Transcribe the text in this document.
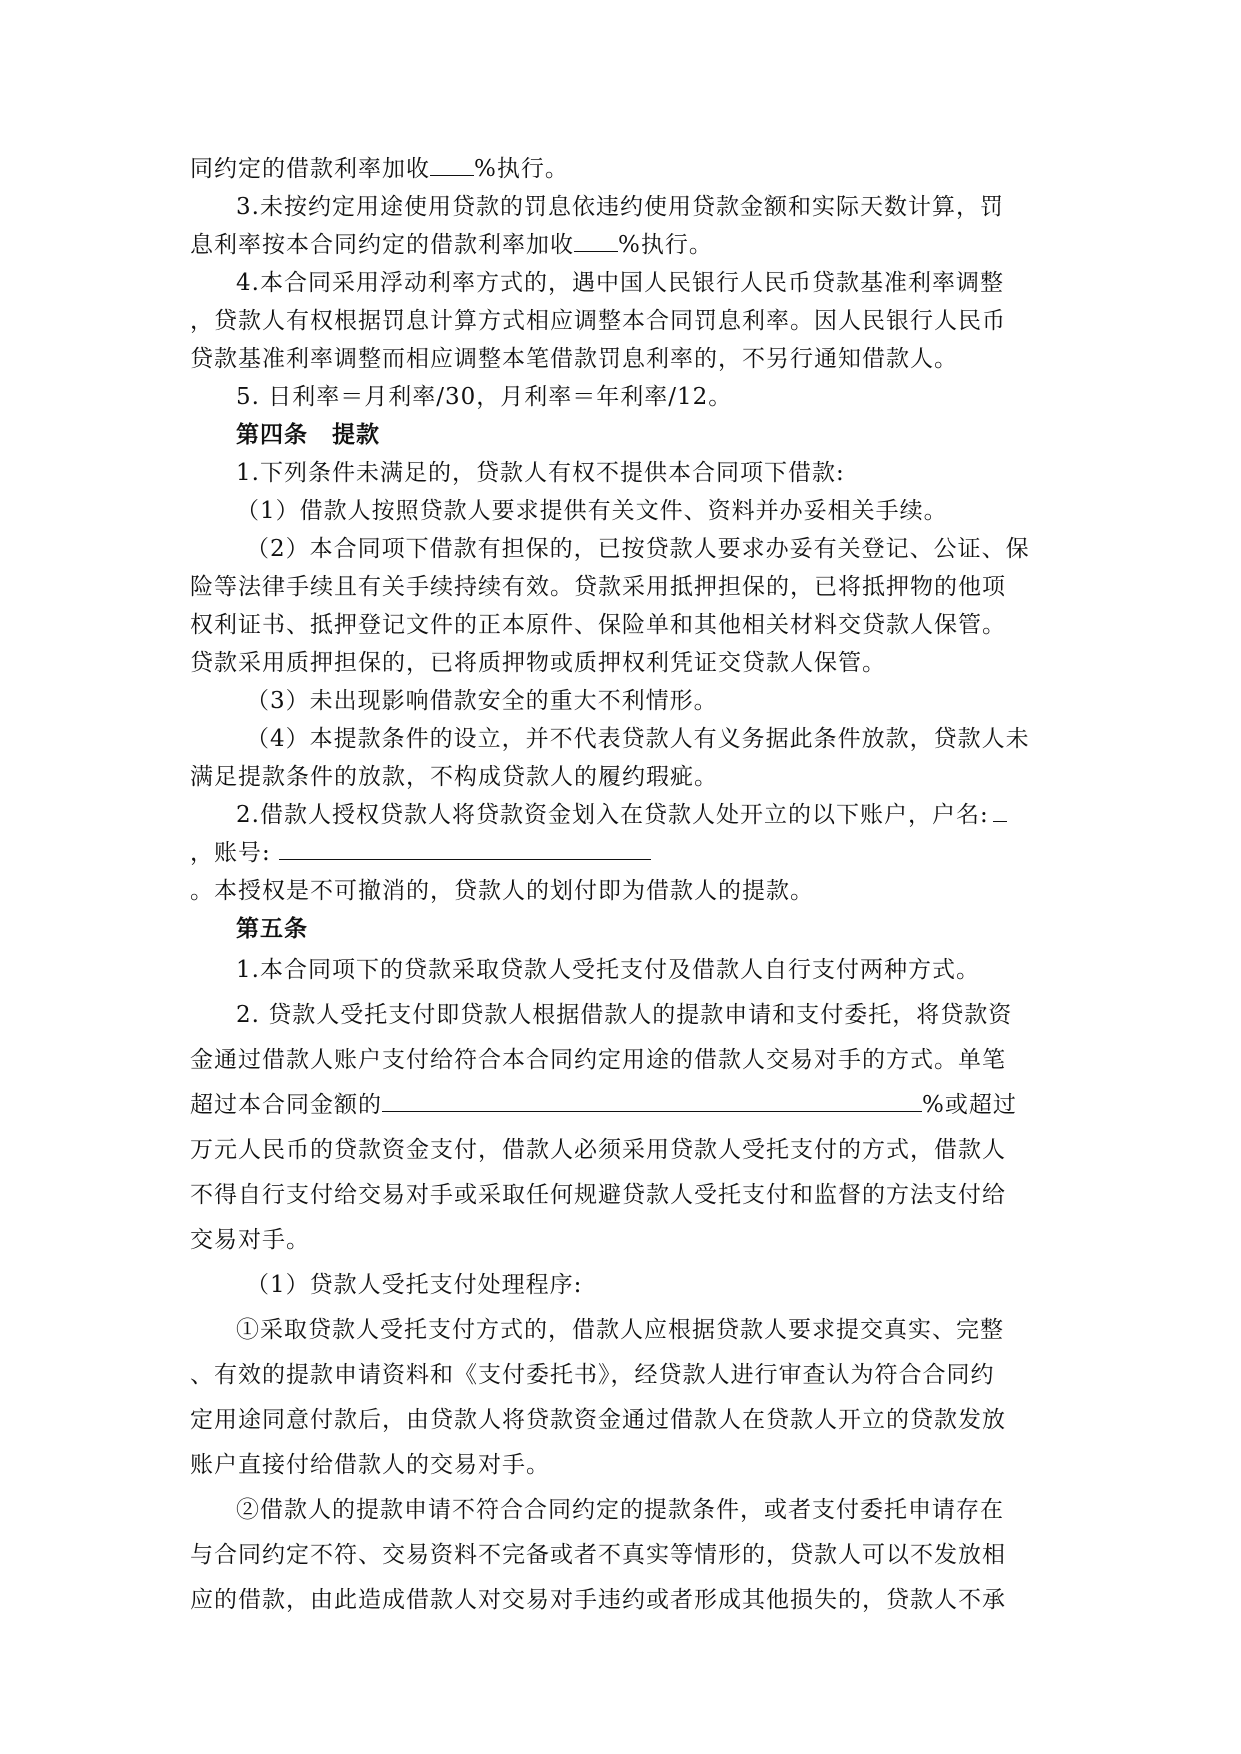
同约定的借款利率加收 %执行。
3.未按约定用途使用贷款的罚息依违约使用贷款金额和实际天数计算，罚
息利率按本合同约定的借款利率加收 %执行。
4.本合同采用浮动利率方式的，遇中国人民银行人民币贷款基准利率调整
，贷款人有权根据罚息计算方式相应调整本合同罚息利率。因人民银行人民币
贷款基准利率调整而相应调整本笔借款罚息利率的，不另行通知借款人。
5. 日利率＝月利率/30，月利率＝年利率/12。
第四条　提款
1.下列条件未满足的，贷款人有权不提供本合同项下借款:
（1）借款人按照贷款人要求提供有关文件、资料并办妥相关手续。
（2）本合同项下借款有担保的，已按贷款人要求办妥有关登记、公证、保
险等法律手续且有关手续持续有效。贷款采用抵押担保的，已将抵押物的他项
权利证书、抵押登记文件的正本原件、保险单和其他相关材料交贷款人保管。
贷款采用质押担保的，已将质押物或质押权利凭证交贷款人保管。
（3）未出现影响借款安全的重大不利情形。
（4）本提款条件的设立，并不代表贷款人有义务据此条件放款，贷款人未
满足提款条件的放款，不构成贷款人的履约瑕疵。
2.借款人授权贷款人将贷款资金划入在贷款人处开立的以下账户，户名:
，账号:
。本授权是不可撤消的，贷款人的划付即为借款人的提款。
第五条
1.本合同项下的贷款采取贷款人受托支付及借款人自行支付两种方式。
2. 贷款人受托支付即贷款人根据借款人的提款申请和支付委托，将贷款资
金通过借款人账户支付给符合本合同约定用途的借款人交易对手的方式。单笔
超过本合同金额的	%或超过
万元人民币的贷款资金支付，借款人必须采用贷款人受托支付的方式，借款人
不得自行支付给交易对手或采取任何规避贷款人受托支付和监督的方法支付给
交易对手。
（1）贷款人受托支付处理程序:
①采取贷款人受托支付方式的，借款人应根据贷款人要求提交真实、完整
、有效的提款申请资料和《支付委托书》，经贷款人进行审查认为符合合同约
定用途同意付款后，由贷款人将贷款资金通过借款人在贷款人开立的贷款发放
账户直接付给借款人的交易对手。
②借款人的提款申请不符合合同约定的提款条件，或者支付委托申请存在
与合同约定不符、交易资料不完备或者不真实等情形的，贷款人可以不发放相
应的借款，由此造成借款人对交易对手违约或者形成其他损失的，贷款人不承
